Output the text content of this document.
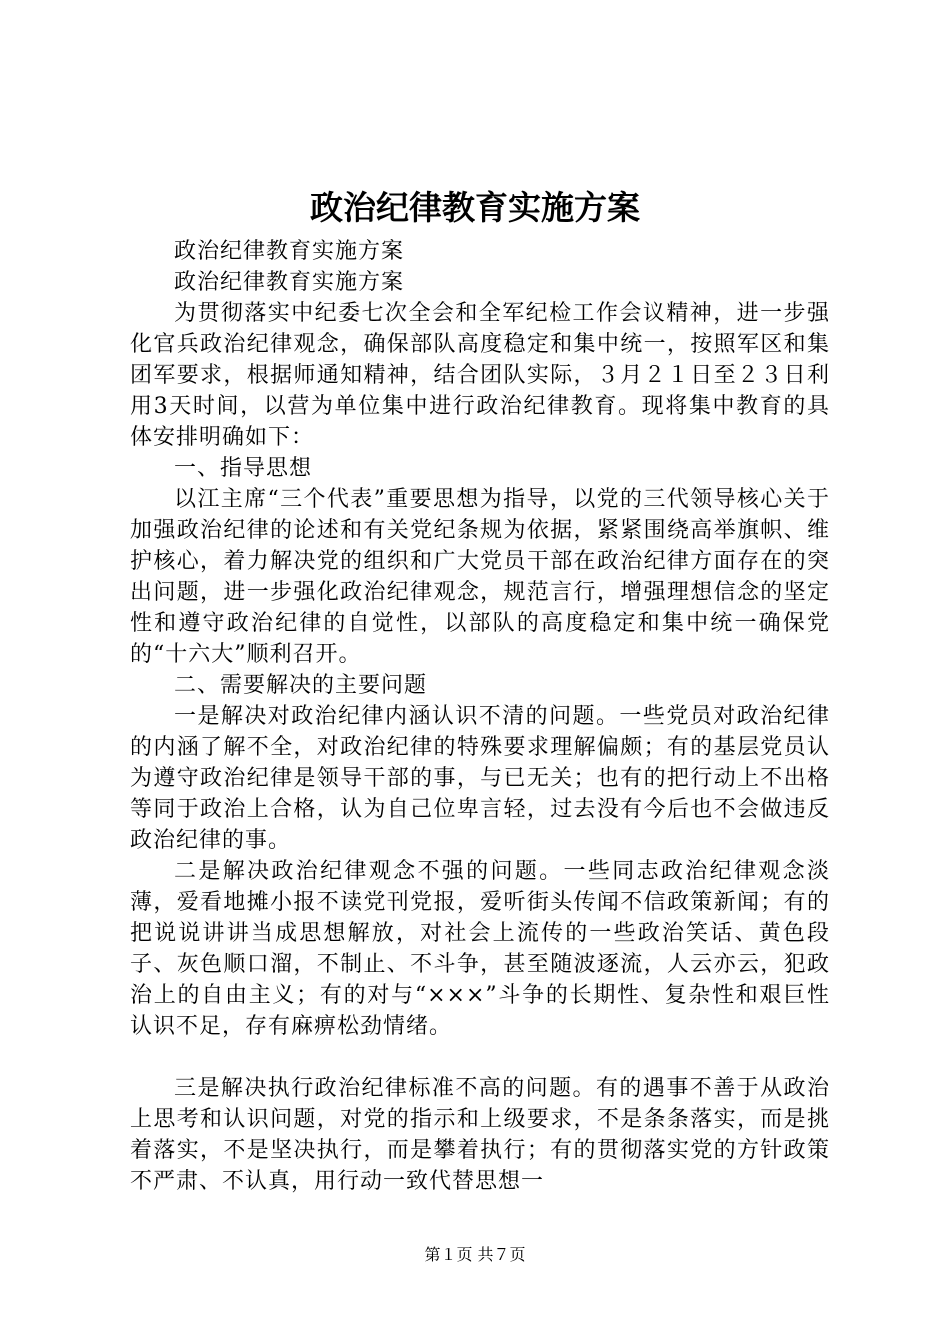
政治纪律教育实施方案

政治纪律教育实施方案

政治纪律教育实施方案

为贯彻落实中纪委七次全会和全军纪检工作会议精神，进一步强化官兵政治纪律观念，确保部队高度稳定和集中统一，按照军区和集团军要求，根据师通知精神，结合团队实际，３月２１日至２３日利用3天时间，以营为单位集中进行政治纪律教育。现将集中教育的具体安排明确如下：

一、指导思想

以江主席“三个代表”重要思想为指导，以党的三代领导核心关于加强政治纪律的论述和有关党纪条规为依据，紧紧围绕高举旗帜、维护核心，着力解决党的组织和广大党员干部在政治纪律方面存在的突出问题，进一步强化政治纪律观念，规范言行，增强理想信念的坚定性和遵守政治纪律的自觉性，以部队的高度稳定和集中统一确保党的“十六大”顺利召开。

二、需要解决的主要问题

一是解决对政治纪律内涵认识不清的问题。一些党员对政治纪律的内涵了解不全，对政治纪律的特殊要求理解偏颇；有的基层党员认为遵守政治纪律是领导干部的事，与已无关；也有的把行动上不出格等同于政治上合格，认为自己位卑言轻，过去没有今后也不会做违反政治纪律的事。

二是解决政治纪律观念不强的问题。一些同志政治纪律观念淡薄，爱看地摊小报不读党刊党报，爱听街头传闻不信政策新闻；有的把说说讲讲当成思想解放，对社会上流传的一些政治笑话、黄色段子、灰色顺口溜，不制止、不斗争，甚至随波逐流，人云亦云，犯政治上的自由主义；有的对与“×××”斗争的长期性、复杂性和艰巨性认识不足，存有麻痹松劲情绪。

三是解决执行政治纪律标准不高的问题。有的遇事不善于从政治上思考和认识问题，对党的指示和上级要求，不是条条落实，而是挑着落实，不是坚决执行，而是攀着执行；有的贯彻落实党的方针政策不严肃、不认真，用行动一致代替思想一

第１页 共７页
